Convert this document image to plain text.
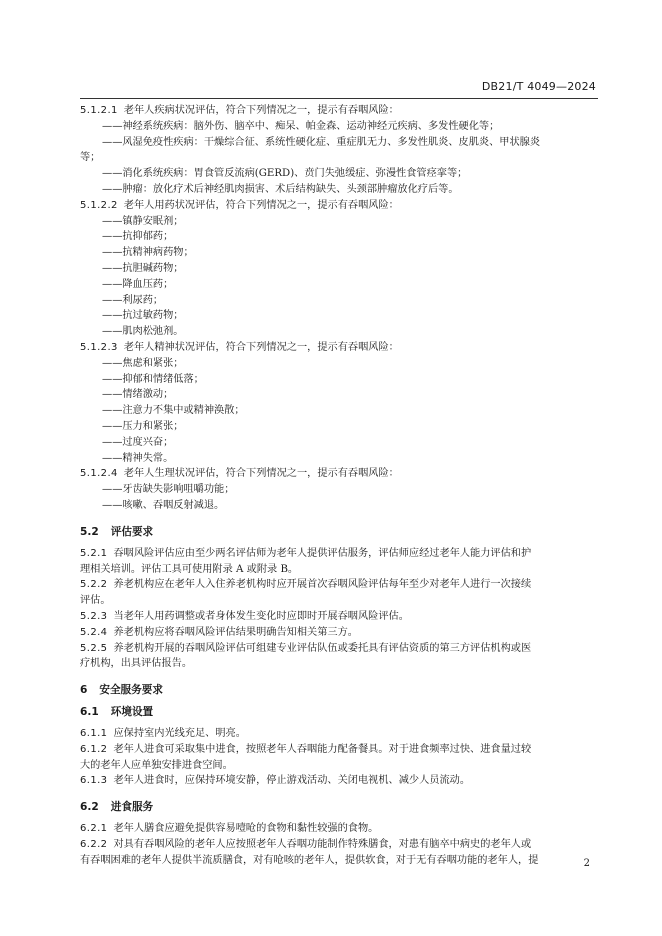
DB21/T 4049—2024
5.1.2.1 老年人疾病状况评估，符合下列情况之一，提示有吞咽风险：
——神经系统疾病：脑外伤、脑卒中、痴呆、帕金森、运动神经元疾病、多发性硬化等；
——风湿免疫性疾病：干燥综合征、系统性硬化症、重症肌无力、多发性肌炎、皮肌炎、甲状腺炎
等；
——消化系统疾病：胃食管反流病(GERD)、贲门失弛缓症、弥漫性食管痉挛等；
——肿瘤：放化疗术后神经肌肉损害、术后结构缺失、头颈部肿瘤放化疗后等。
5.1.2.2 老年人用药状况评估，符合下列情况之一，提示有吞咽风险：
——镇静安眠剂；
——抗抑郁药；
——抗精神病药物；
——抗胆碱药物；
——降血压药；
——利尿药；
——抗过敏药物；
——肌肉松弛剂。
5.1.2.3 老年人精神状况评估，符合下列情况之一，提示有吞咽风险：
——焦虑和紧张；
——抑郁和情绪低落；
——情绪激动；
——注意力不集中或精神涣散；
——压力和紧张；
——过度兴奋；
——精神失常。
5.1.2.4 老年人生理状况评估，符合下列情况之一，提示有吞咽风险：
——牙齿缺失影响咀嚼功能；
——咳嗽、吞咽反射减退。
5.2 评估要求
5.2.1 吞咽风险评估应由至少两名评估师为老年人提供评估服务，评估师应经过老年人能力评估和护
理相关培训。评估工具可使用附录 A 或附录 B。
5.2.2 养老机构应在老年人入住养老机构时应开展首次吞咽风险评估每年至少对老年人进行一次接续
评估。
5.2.3 当老年人用药调整或者身体发生变化时应即时开展吞咽风险评估。
5.2.4 养老机构应将吞咽风险评估结果明确告知相关第三方。
5.2.5 养老机构开展的吞咽风险评估可组建专业评估队伍或委托具有评估资质的第三方评估机构或医
疗机构，出具评估报告。
6 安全服务要求
6.1 环境设置
6.1.1 应保持室内光线充足、明亮。
6.1.2 老年人进食可采取集中进食，按照老年人吞咽能力配备餐具。对于进食频率过快、进食量过较
大的老年人应单独安排进食空间。
6.1.3 老年人进食时，应保持环境安静，停止游戏活动、关闭电视机、减少人员流动。
6.2 进食服务
6.2.1 老年人膳食应避免提供容易噎呛的食物和黏性较强的食物。
6.2.2 对具有吞咽风险的老年人应按照老年人吞咽功能制作特殊膳食，对患有脑卒中病史的老年人或
有吞咽困难的老年人提供半流质膳食，对有呛咳的老年人，提供软食，对于无有吞咽功能的老年人，提	2
